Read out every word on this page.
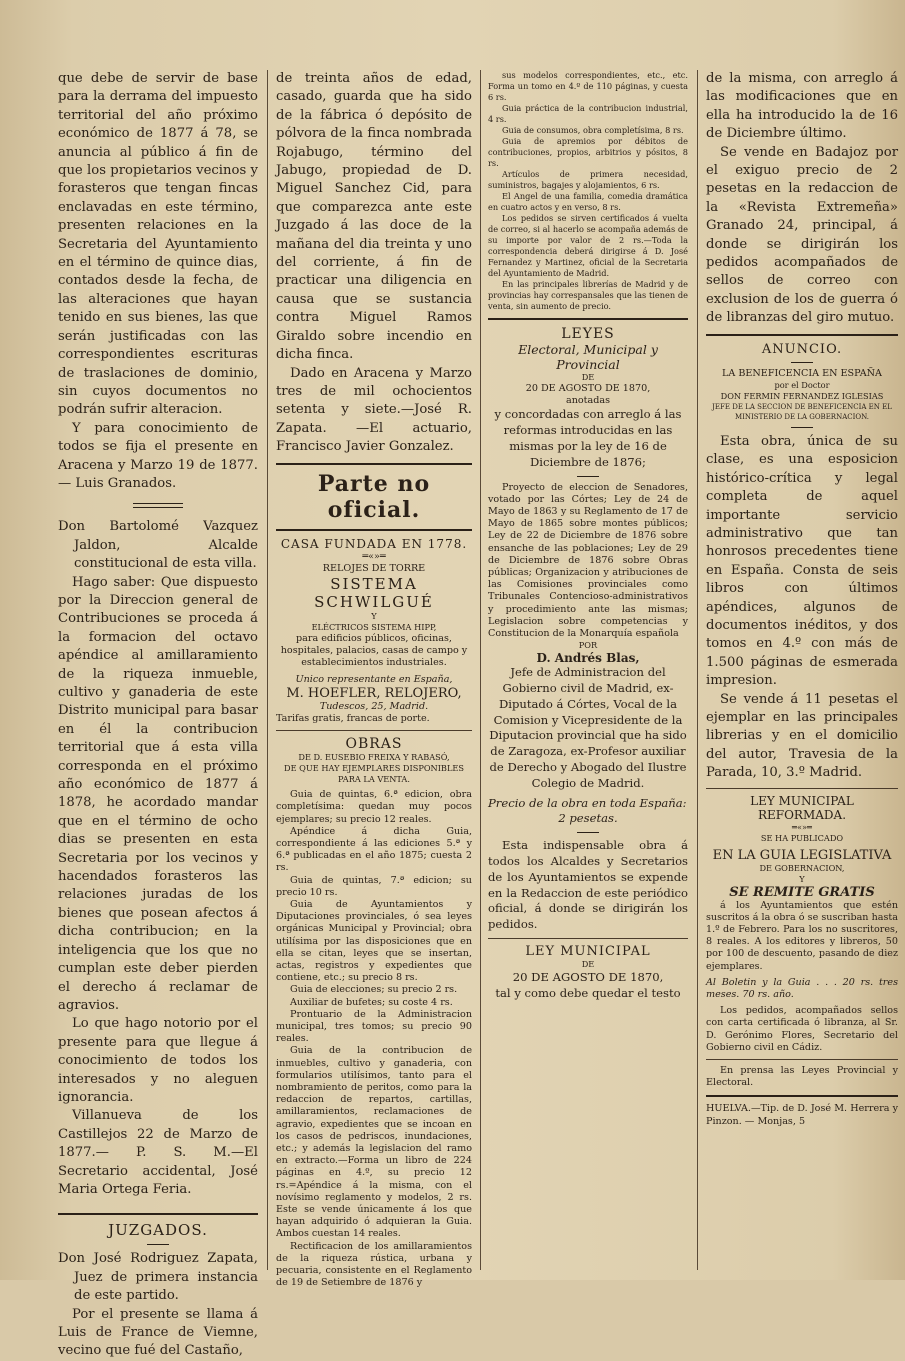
que debe de servir de base para la derrama del impuesto territorial del año próximo económico de 1877 á 78, se anuncia al público á fin de que los propietarios vecinos y forasteros que tengan fincas enclavadas en este término, presenten relaciones en la Secretaria del Ayuntamiento en el término de quince dias, contados desde la fecha, de las alteraciones que hayan tenido en sus bienes, las que serán justificadas con las correspondientes escrituras de traslaciones de dominio, sin cuyos documentos no podrán sufrir alteracion.

Y para conocimiento de todos se fija el presente en Aracena y Marzo 19 de 1877.— Luis Granados.

Don Bartolomé Vazquez Jaldon, Alcalde constitucional de esta villa.

Hago saber: Que dispuesto por la Direccion general de Contribuciones se proceda á la formacion del octavo apéndice al amillaramiento de la riqueza inmueble, cultivo y ganaderia de este Distrito municipal para basar en él la contribucion territorial que á esta villa corresponda en el próximo año económico de 1877 á 1878, he acordado mandar que en el término de ocho dias se presenten en esta Secretaria por los vecinos y hacendados forasteros las relaciones juradas de los bienes que posean afectos á dicha contribucion; en la inteligencia que los que no cumplan este deber pierden el derecho á reclamar de agravios.

Lo que hago notorio por el presente para que llegue á conocimiento de todos los interesados y no aleguen ignorancia.

Villanueva de los Castillejos 22 de Marzo de 1877.— P. S. M.—El Secretario accidental, José Maria Ortega Feria.

JUZGADOS.

Don José Rodriguez Zapata, Juez de primera instancia de este partido.

Por el presente se llama á Luis de France de Viemne, vecino que fué del Castaño,

de treinta años de edad, casado, guarda que ha sido de la fábrica ó depósito de pólvora de la finca nombrada Rojabugo, término del Jabugo, propiedad de D. Miguel Sanchez Cid, para que comparezca ante este Juzgado á las doce de la mañana del dia treinta y uno del corriente, á fin de practicar una diligencia en causa que se sustancia contra Miguel Ramos Giraldo sobre incendio en dicha finca.

Dado en Aracena y Marzo tres de mil ochocientos setenta y siete.—José R. Zapata. —El actuario, Francisco Javier Gonzalez.

Parte no oficial.
CASA FUNDADA EN 1778.
═«»═
RELOJES DE TORRE
SISTEMA SCHWILGUÉ
Y
ELÉCTRICOS SISTEMA HIPP,

para edificios públicos, oficinas, hospitales, palacios, casas de campo y establecimientos industriales.

Unico representante en España,
M. HOEFLER, RELOJERO,
Tudescos, 25, Madrid.
Tarifas gratis, francas de porte.
OBRAS
DE D. EUSEBIO FREIXA Y RABASÓ,
DE QUE HAY EJEMPLARES DISPONIBLES PARA LA VENTA.

Guia de quintas, 6.ª edicion, obra completísima: quedan muy pocos ejemplares; su precio 12 reales.

Apéndice á dicha Guia, correspondiente á las ediciones 5.ª y 6.ª publicadas en el año 1875; cuesta 2 rs.

Guia de quintas, 7.ª edicion; su precio 10 rs.

Guia de Ayuntamientos y Diputaciones provinciales, ó sea leyes orgánicas Municipal y Provincial; obra utilísima por las disposiciones que en ella se citan, leyes que se insertan, actas, registros y expedientes que contiene, etc.; su precio 8 rs.

Guia de elecciones; su precio 2 rs.

Auxiliar de bufetes; su coste 4 rs.

Prontuario de la Administracion municipal, tres tomos; su precio 90 reales.

Guia de la contribucion de inmuebles, cultivo y ganaderia, con formularios utilísimos, tanto para el nombramiento de peritos, como para la redaccion de repartos, cartillas, amillaramientos, reclamaciones de agravio, expedientes que se incoan en los casos de pedriscos, inundaciones, etc.; y además la legislacion del ramo en extracto.—Forma un libro de 224 páginas en 4.º, su precio 12 rs.=Apéndice á la misma, con el novísimo reglamento y modelos, 2 rs. Este se vende únicamente á los que hayan adquirido ó adquieran la Guia. Ambos cuestan 14 reales.

Rectificacion de los amillaramientos de la riqueza rústica, urbana y pecuaria, consistente en el Reglamento de 19 de Setiembre de 1876 y

sus modelos correspondientes, etc., etc. Forma un tomo en 4.º de 110 páginas, y cuesta 6 rs.

Guia práctica de la contribucion industrial, 4 rs.

Guia de consumos, obra completísima, 8 rs.

Guia de apremios por débitos de contribuciones, propios, arbitrios y pósitos, 8 rs.

Artículos de primera necesidad, suministros, bagajes y alojamientos, 6 rs.

El Angel de una familia, comedia dramática en cuatro actos y en verso, 8 rs.

Los pedidos se sirven certificados á vuelta de correo, si al hacerlo se acompaña además de su importe por valor de 2 rs.—Toda la correspondencia deberá dirigirse á D. José Fernandez y Martinez, oficial de la Secretaria del Ayuntamiento de Madrid.

En las principales librerías de Madrid y de provincias hay correspansales que las tienen de venta, sin aumento de precio.

LEYES
Electoral, Municipal y Provincial
DE
20 DE AGOSTO DE 1870,
anotadas

y concordadas con arreglo á las reformas introducidas en las mismas por la ley de 16 de Diciembre de 1876;

Proyecto de eleccion de Senadores, votado por las Córtes; Ley de 24 de Mayo de 1863 y su Reglamento de 17 de Mayo de 1865 sobre montes públicos; Ley de 22 de Diciembre de 1876 sobre ensanche de las poblaciones; Ley de 29 de Diciembre de 1876 sobre Obras públicas; Organizacion y atribuciones de las Comisiones provinciales como Tribunales Contencioso-administrativos y procedimiento ante las mismas; Legislacion sobre competencias y Constitucion de la Monarquía española

POR
D. Andrés Blas,

Jefe de Administracion del Gobierno civil de Madrid, ex-Diputado á Córtes, Vocal de la Comision y Vicepresidente de la Diputacion provincial que ha sido de Zaragoza, ex-Profesor auxiliar de Derecho y Abogado del Ilustre Colegio de Madrid.

Precio de la obra en toda España:
2 pesetas.

Esta indispensable obra á todos los Alcaldes y Secretarios de los Ayuntamientos se expende en la Redaccion de este periódico oficial, á donde se dirigirán los pedidos.

LEY MUNICIPAL
DE
20 DE AGOSTO DE 1870,
tal y como debe quedar el testo

de la misma, con arreglo á las modificaciones que en ella ha introducido la de 16 de Diciembre último.

Se vende en Badajoz por el exiguo precio de 2 pesetas en la redaccion de la «Revista Extremeña» Granado 24, principal, á donde se dirigirán los pedidos acompañados de sellos de correo con exclusion de los de guerra ó de libranzas del giro mutuo.

ANUNCIO.
LA BENEFICENCIA EN ESPAÑA
por el Doctor
DON FERMIN FERNANDEZ IGLESIAS

JEFE DE LA SECCION DE BENEFICENCIA EN EL MINISTERIO DE LA GOBERNACION.

Esta obra, única de su clase, es una esposicion histórico-crítica y legal completa de aquel importante servicio administrativo que tan honrosos precedentes tiene en España. Consta de seis libros con últimos apéndices, algunos de documentos inéditos, y dos tomos en 4.º con más de 1.500 páginas de esmerada impresion.

Se vende á 11 pesetas el ejemplar en las principales librerias y en el domicilio del autor, Travesia de la Parada, 10, 3.º Madrid.

LEY MUNICIPAL REFORMADA.
═«»═
SE HA PUBLICADO
EN LA GUIA LEGISLATIVA
DE GOBERNACION,
Y
SE REMITE GRATIS

á los Ayuntamientos que estén suscritos á la obra ó se suscriban hasta 1.º de Febrero. Para los no suscritores, 8 reales. A los editores y libreros, 50 por 100 de descuento, pasando de diez ejemplares.

Al Boletin y la Guia . . . 20 rs. tres meses. 70 rs. año.

Los pedidos, acompañados sellos con carta certificada ó libranza, al Sr. D. Gerónimo Flores, Secretario del Gobierno civil en Cádiz.

En prensa las Leyes Provincial y Electoral.

HUELVA.—Tip. de D. José M. Herrera y Pinzon. — Monjas, 5
